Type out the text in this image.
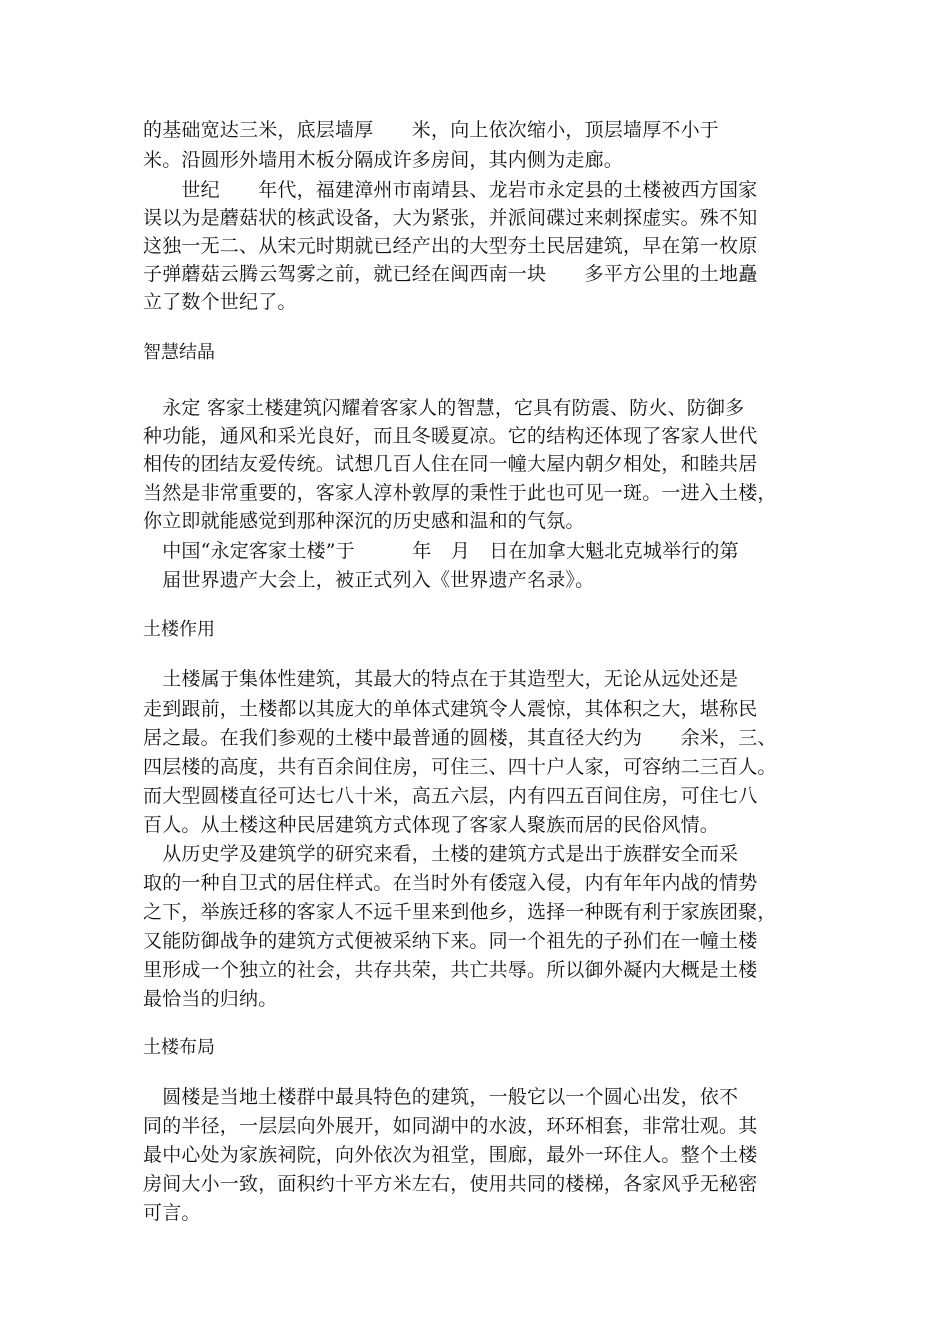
的基础宽达三米，底层墙厚　　米，向上依次缩小，顶层墙厚不小于
米。沿圆形外墙用木板分隔成许多房间，其内侧为走廊。
　　世纪　　年代，福建漳州市南靖县、龙岩市永定县的土楼被西方国家
误以为是蘑菇状的核武设备，大为紧张，并派间碟过来刺探虚实。殊不知
这独一无二、从宋元时期就已经产出的大型夯土民居建筑，早在第一枚原
子弹蘑菇云腾云驾雾之前，就已经在闽西南一块　　多平方公里的土地矗
立了数个世纪了。
智慧结晶
　永定 客家土楼建筑闪耀着客家人的智慧，它具有防震、防火、防御多
种功能，通风和采光良好，而且冬暖夏凉。它的结构还体现了客家人世代
相传的团结友爱传统。试想几百人住在同一幢大屋内朝夕相处，和睦共居
当然是非常重要的，客家人淳朴敦厚的秉性于此也可见一斑。一进入土楼，
你立即就能感觉到那种深沉的历史感和温和的气氛。
　中国“永定客家土楼”于　　　年　月　日在加拿大魁北克城举行的第
　届世界遗产大会上，被正式列入《世界遗产名录》。
土楼作用
　土楼属于集体性建筑，其最大的特点在于其造型大，无论从远处还是
走到跟前，土楼都以其庞大的单体式建筑令人震惊，其体积之大，堪称民
居之最。在我们参观的土楼中最普通的圆楼，其直径大约为　　余米，三、
四层楼的高度，共有百余间住房，可住三、四十户人家，可容纳二三百人。
而大型圆楼直径可达七八十米，高五六层，内有四五百间住房，可住七八
百人。从土楼这种民居建筑方式体现了客家人聚族而居的民俗风情。
　从历史学及建筑学的研究来看，土楼的建筑方式是出于族群安全而采
取的一种自卫式的居住样式。在当时外有倭寇入侵，内有年年内战的情势
之下，举族迁移的客家人不远千里来到他乡，选择一种既有利于家族团聚，
又能防御战争的建筑方式便被采纳下来。同一个祖先的子孙们在一幢土楼
里形成一个独立的社会，共存共荣，共亡共辱。所以御外凝内大概是土楼
最恰当的归纳。
土楼布局
　圆楼是当地土楼群中最具特色的建筑，一般它以一个圆心出发，依不
同的半径，一层层向外展开，如同湖中的水波，环环相套，非常壮观。其
最中心处为家族祠院，向外依次为祖堂，围廊，最外一环住人。整个土楼
房间大小一致，面积约十平方米左右，使用共同的楼梯，各家风乎无秘密
可言。
